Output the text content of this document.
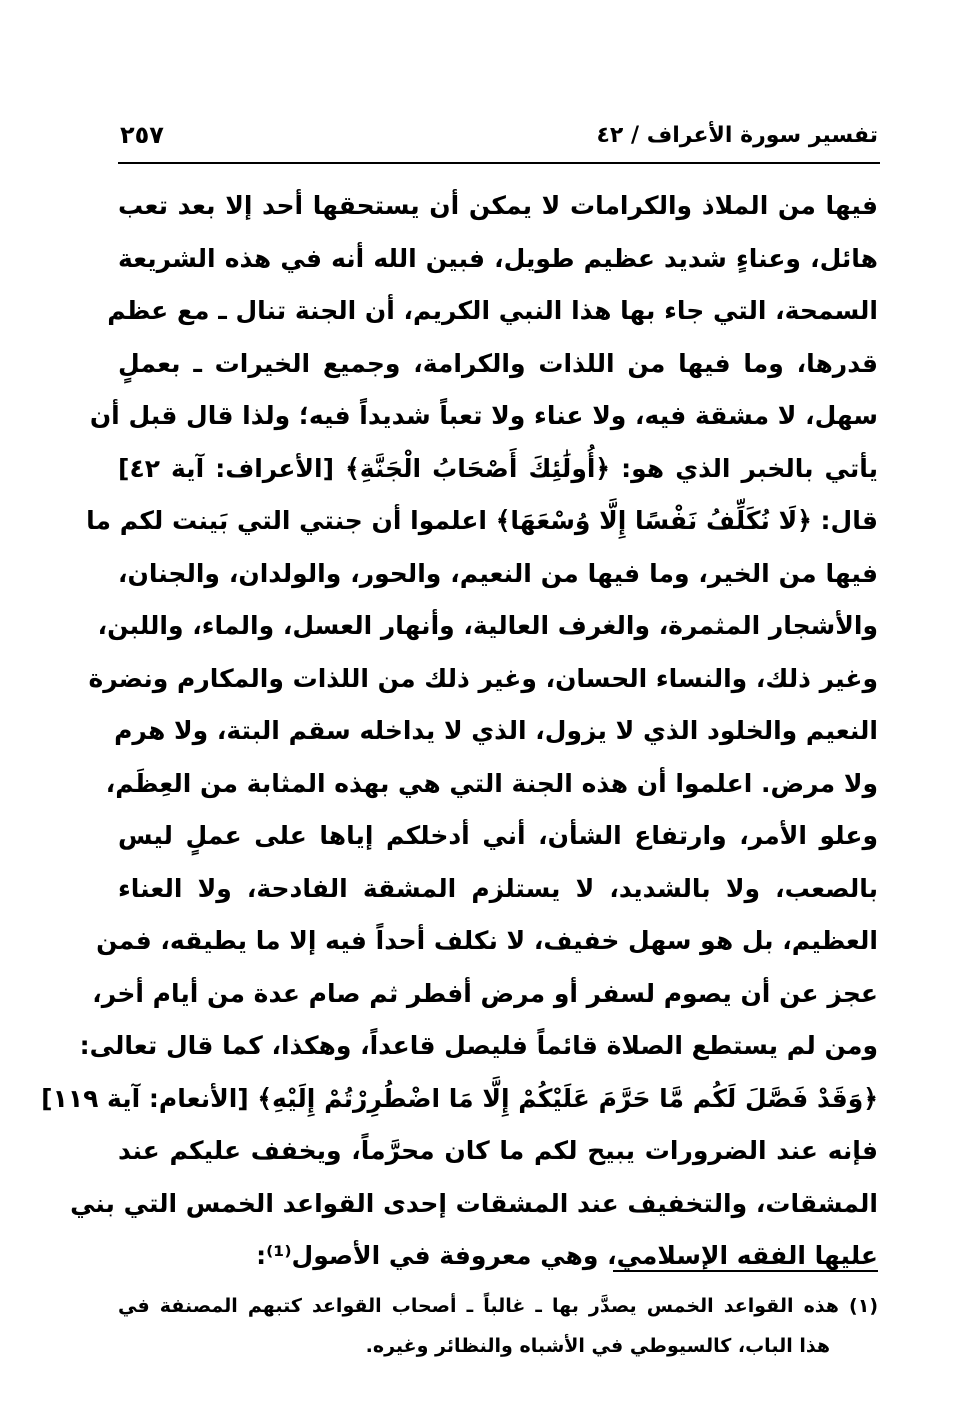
٢٥٧	تفسير سورة الأعراف / ٤٢
فيها من الملاذ والكرامات لا يمكن أن يستحقها أحد إلا بعد تعب
هائل، وعناءٍ شديد عظيم طويل، فبين الله أنه في هذه الشريعة
السمحة، التي جاء بها هذا النبي الكريم، أن الجنة تنال ـ مع عظم
قدرها، وما فيها من اللذات والكرامة، وجميع الخيرات ـ بعملٍ
سهل، لا مشقة فيه، ولا عناء ولا تعباً شديداً فيه؛ ولذا قال قبل أن
يأتي بالخبر الذي هو: ﴿أُولَٰئِكَ أَصْحَابُ الْجَنَّةِ﴾ [الأعراف: آية ٤٢]
قال: ﴿لَا نُكَلِّفُ نَفْسًا إِلَّا وُسْعَهَا﴾ اعلموا أن جنتي التي بَينت لكم ما
فيها من الخير، وما فيها من النعيم، والحور، والولدان، والجنان،
والأشجار المثمرة، والغرف العالية، وأنهار العسل، والماء، واللبن،
وغير ذلك، والنساء الحسان، وغير ذلك من اللذات والمكارم ونضرة
النعيم والخلود الذي لا يزول، الذي لا يداخله سقم البتة، ولا هرم
ولا مرض. اعلموا أن هذه الجنة التي هي بهذه المثابة من العِظَم،
وعلو الأمر، وارتفاع الشأن، أني أدخلكم إياها على عملٍ ليس
بالصعب، ولا بالشديد، لا يستلزم المشقة الفادحة، ولا العناء
العظيم، بل هو سهل خفيف، لا نكلف أحداً فيه إلا ما يطيقه، فمن
عجز عن أن يصوم لسفر أو مرض أفطر ثم صام عدة من أيام أخر،
ومن لم يستطع الصلاة قائماً فليصل قاعداً، وهكذا، كما قال تعالى:
﴿وَقَدْ فَصَّلَ لَكُم مَّا حَرَّمَ عَلَيْكُمْ إِلَّا مَا اضْطُرِرْتُمْ إِلَيْهِ﴾ [الأنعام: آية ١١٩]
فإنه عند الضرورات يبيح لكم ما كان محرَّماً، ويخفف عليكم عند
المشقات، والتخفيف عند المشقات إحدى القواعد الخمس التي بني
عليها الفقه الإسلامي، وهي معروفة في الأصول⁽¹⁾:
(١) هذه القواعد الخمس يصدَّر بها ـ غالباً ـ أصحاب القواعد كتبهم المصنفة في
هذا الباب، كالسيوطي في الأشباه والنظائر وغيره.
